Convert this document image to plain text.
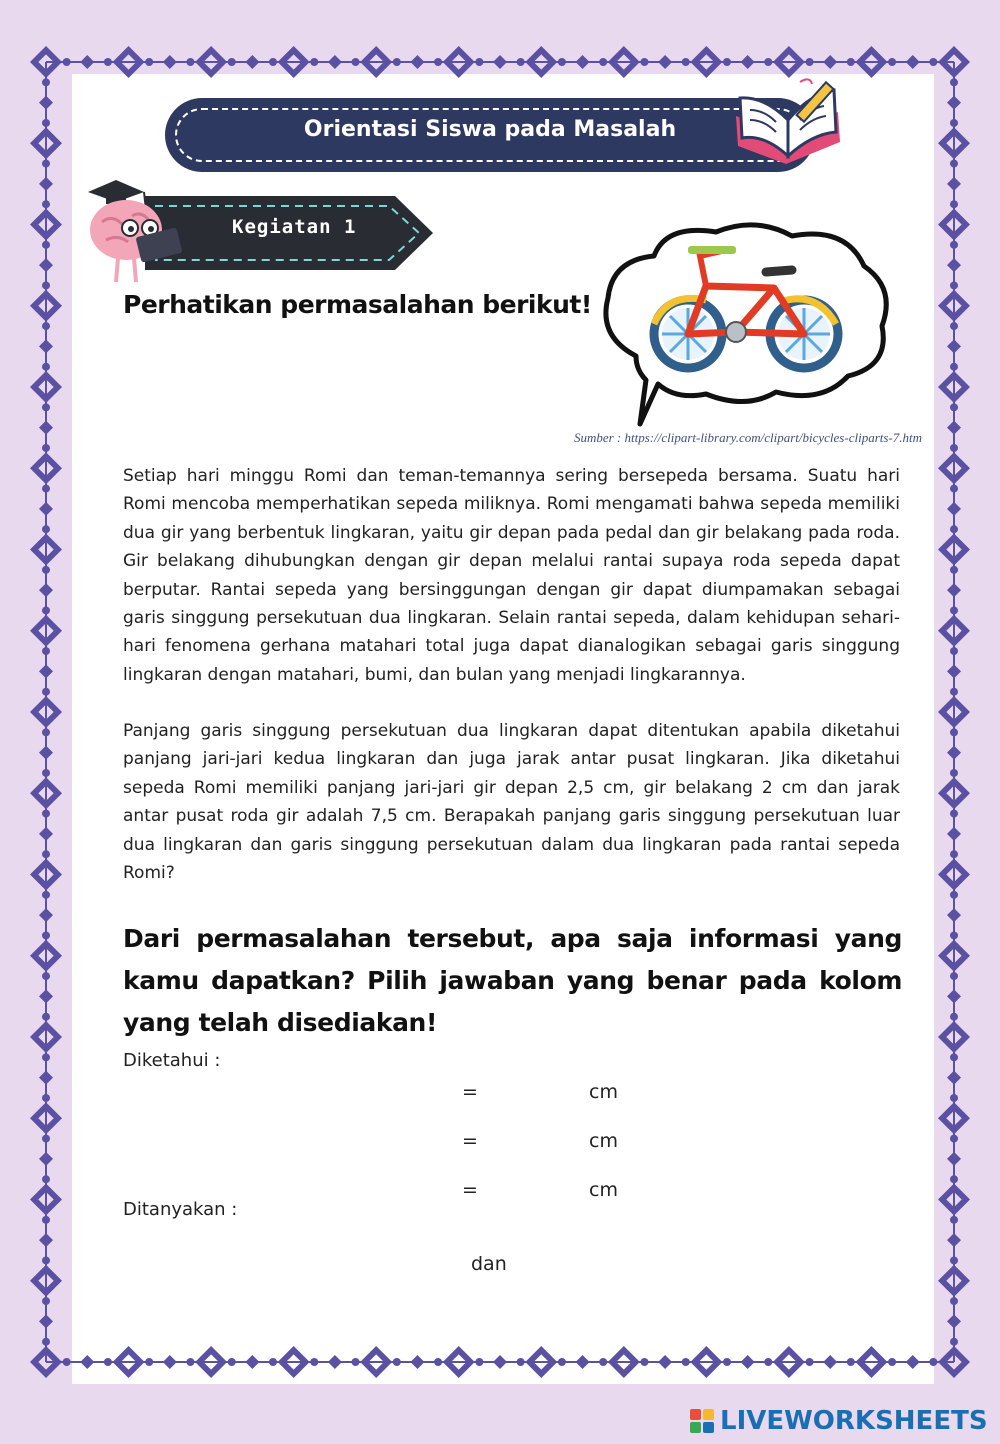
Orientasi Siswa pada Masalah
Kegiatan 1
Perhatikan permasalahan berikut!
Sumber : https://clipart-library.com/clipart/bicycles-cliparts-7.htm

Setiap hari minggu Romi dan teman-temannya sering bersepeda bersama. Suatu hari Romi mencoba memperhatikan sepeda miliknya. Romi mengamati bahwa sepeda memiliki dua gir yang berbentuk lingkaran, yaitu gir depan pada pedal dan gir belakang pada roda. Gir belakang dihubungkan dengan gir depan melalui rantai supaya roda sepeda dapat berputar. Rantai sepeda yang bersinggungan dengan gir dapat diumpamakan sebagai garis singgung persekutuan dua lingkaran. Selain rantai sepeda, dalam kehidupan sehari-hari fenomena gerhana matahari total juga dapat dianalogikan sebagai garis singgung lingkaran dengan matahari, bumi, dan bulan yang menjadi lingkarannya.

Panjang garis singgung persekutuan dua lingkaran dapat ditentukan apabila diketahui panjang jari-jari kedua lingkaran dan juga jarak antar pusat lingkaran. Jika diketahui sepeda Romi memiliki panjang jari-jari gir depan 2,5 cm, gir belakang 2 cm dan jarak antar pusat roda gir adalah 7,5 cm. Berapakah panjang garis singgung persekutuan luar dua lingkaran dan garis singgung persekutuan dalam dua lingkaran pada rantai sepeda Romi?

Dari permasalahan tersebut, apa saja informasi yang kamu dapatkan? Pilih jawaban yang benar pada kolom yang telah disediakan!

Diketahui :
=	cm
=	cm
=	cm
Ditanyakan :
dan
LIVEWORKSHEETS
